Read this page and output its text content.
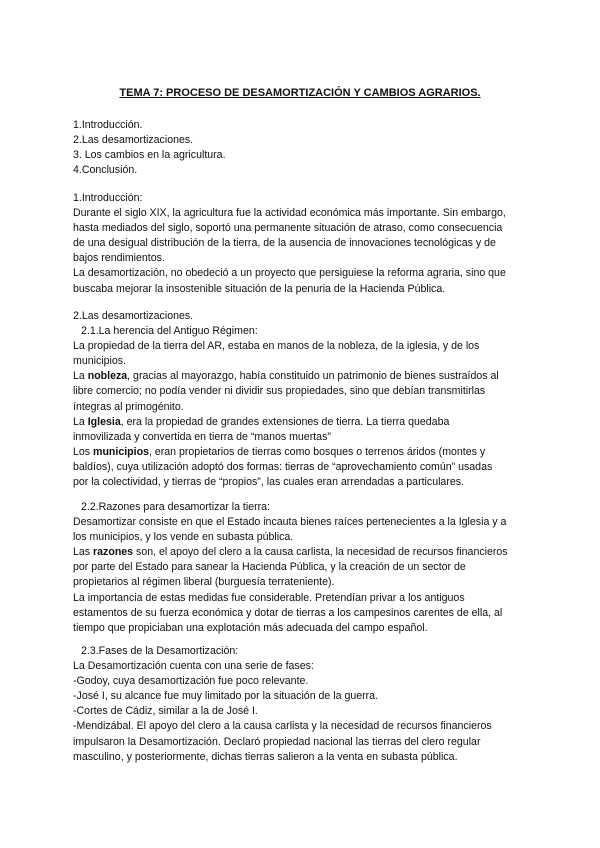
TEMA 7: PROCESO DE DESAMORTIZACIÓN Y CAMBIOS AGRARIOS.
1.Introducción.
2.Las desamortizaciones.
3. Los cambios en la agricultura.
4.Conclusión.
1.Introducción:
Durante el siglo XIX, la agricultura fue la actividad económica más importante. Sin embargo,
hasta mediados del siglo, soportó una permanente situación de atraso, como consecuencia
de una desigual distribución de la tierra, de la ausencia de innovaciones tecnológicas y de
bajos rendimientos.
La desamortización, no obedeció a un proyecto que persiguiese la reforma agraria, sino que
buscaba mejorar la insostenible situación de la penuria de la Hacienda Pública.
2.Las desamortizaciones.
2.1.La herencia del Antiguo Régimen:
La propiedad de la tierra del AR, estaba en manos de la nobleza, de la iglesia, y de los
municipios.
La nobleza, gracias al mayorazgo, había constituido un patrimonio de bienes sustraídos al
libre comercio; no podía vender ni dividir sus propiedades, sino que debían transmitirlas
íntegras al primogénito.
La Iglesia, era la propiedad de grandes extensiones de tierra. La tierra quedaba
inmovilizada y convertida en tierra de “manos muertas”
Los municipios, eran propietarios de tierras como bosques o terrenos áridos (montes y
baldíos), cuya utilización adoptó dos formas: tierras de “aprovechamiento común” usadas
por la colectividad, y tierras de “propios”, las cuales eran arrendadas a particulares.
2.2.Razones para desamortizar la tierra:
Desamortizar consiste en que el Estado incauta bienes raíces pertenecientes a la Iglesia y a
los municipios, y los vende en subasta pública.
Las razones son, el apoyo del clero a la causa carlista, la necesidad de recursos financieros
por parte del Estado para sanear la Hacienda Pública, y la creación de un sector de
propietarios al régimen liberal (burguesía terrateniente).
La importancia de estas medidas fue considerable. Pretendían privar a los antiguos
estamentos de su fuerza económica y dotar de tierras a los campesinos carentes de ella, al
tiempo que propiciaban una explotación más adecuada del campo español.
2.3.Fases de la Desamortización:
La Desamortización cuenta con una serie de fases:
-Godoy, cuya desamortización fue poco relevante.
-José I, su alcance fue muy limitado por la situación de la guerra.
-Cortes de Cádiz, similar a la de José I.
-Mendizábal. El apoyo del clero a la causa carlista y la necesidad de recursos financieros
impulsaron la Desamortización. Declaró propiedad nacional las tierras del clero regular
masculino, y posteriormente, dichas tierras salieron a la venta en subasta pública.
